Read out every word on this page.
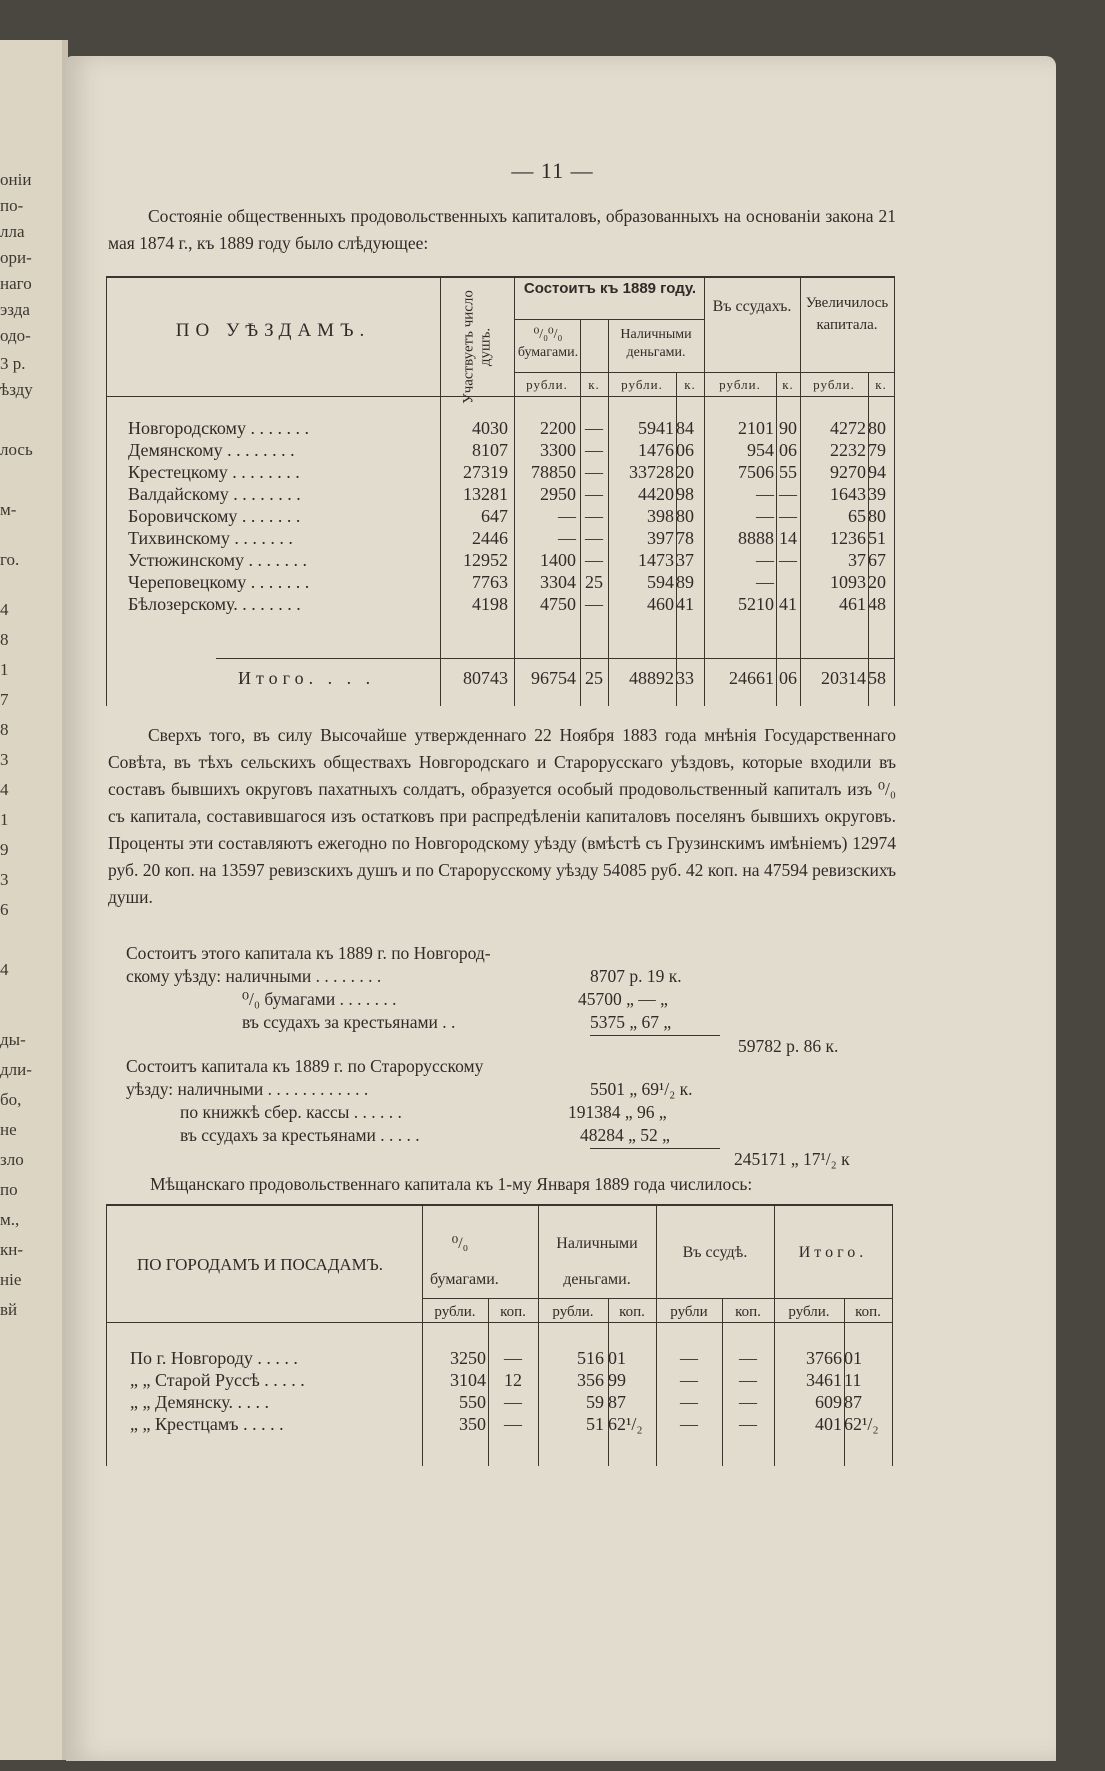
оніи
по-
лла
ори-
наго
эзда
одо-
3 р.
ѣзду
лось
м-
го.
4
8
1
7
8
3
4
1
9
3
6
4
ды-
дли-
бо,
не
зло
по
м.,
кн-
ніе
вй
— 11 —
Состояніе общественныхъ продовольственныхъ капиталовъ, образованныхъ на основаніи закона 21 мая 1874 г., къ 1889 году было слѣдующее:
ПО УѢЗДАМЪ.	Участвуетъ число душъ.
Состоитъ къ 1889 году.
⁰/₀⁰/₀ бумагами.
Наличными деньгами.
Въ ссудахъ. Увеличилось капитала.
рубли.	к.	рубли.	к.	рубли.	к.	рубли.	к.
Новгородскому . . . . . . .	4030	2200 —	5941 84	2101 90	4272 80
Демянскому . . . . . . . .	8107	3300 —	1476 06	954 06	2232 79
Крестецкому . . . . . . . .	27319	78850 —	33728 20	7506 55	9270 94
Валдайскому . . . . . . . .	13281	2950 —	4420 98	— —	1643 39
Боровичскому . . . . . . .	647	— —	398 80	— —	65 80
Тихвинскому . . . . . . .	2446	— —	397 78	8888 14	1236 51
Устюжинскому . . . . . . .	12952	1400 —	1473 37	— —	37 67
Череповецкому . . . . . . .	7763	3304 25	594 89	—	1093 20
Бѣлозерскому. . . . . . . .	4198	4750 —	460 41	5210 41	461 48
Итого. . . .	80743	96754 25	48892 33	24661 06	20314 58
Сверхъ того, въ силу Высочайше утвержденнаго 22 Ноября 1883 года мнѣнія Государственнаго Совѣта, въ тѣхъ сельскихъ обществахъ Новгородскаго и Старорусскаго уѣздовъ, которые входили въ составъ бывшихъ округовъ пахатныхъ солдатъ, образуется особый продовольственный капиталъ изъ ⁰/₀ съ капитала, составившагося изъ остатковъ при распредѣленіи капиталовъ поселянъ бывшихъ округовъ. Проценты эти составляютъ ежегодно по Новгородскому уѣзду (вмѣстѣ съ Грузинскимъ имѣніемъ) 12974 руб. 20 коп. на 13597 ревизскихъ душъ и по Старорусскому уѣзду 54085 руб. 42 коп. на 47594 ревизскихъ души.
Состоитъ этого капитала къ 1889 г. по Новгород-
скому уѣзду: наличными . . . . . . . .	8707 р. 19 к.
⁰/₀ бумагами . . . . . . .	45700 „ — „
въ ссудахъ за крестьянами . .	5375 „ 67 „
59782 р. 86 к.
Состоитъ капитала къ 1889 г. по Старорусскому
уѣзду: наличными . . . . . . . . . . . .	5501 „ 69¹/₂ к.
по книжкѣ сбер. кассы . . . . . .	191384 „ 96 „
въ ссудахъ за крестьянами . . . . .	48284 „ 52 „
245171 „ 17¹/₂ к
Мѣщанскаго продовольственнаго капитала къ 1-му Января 1889 года числилось:
ПО ГОРОДАМЪ И ПОСАДАМЪ.
⁰/₀ бумагами.
Наличными деньгами.
Въ ссудѣ.	Итого.
рубли.	коп.	рубли.	коп.	рубли	коп.	рубли.	коп.
По г. Новгороду . . . . .	3250	—	516 01	—	—	3766 01
„ „ Старой Руссѣ . . . . .	3104	12	356 99	—	—	3461 11
„ „ Демянску. . . . .	550	—	59 87	—	—	609 87
„ „ Крестцамъ . . . . .	350	—	51 62¹/₂	—	—	401 62¹/₂
